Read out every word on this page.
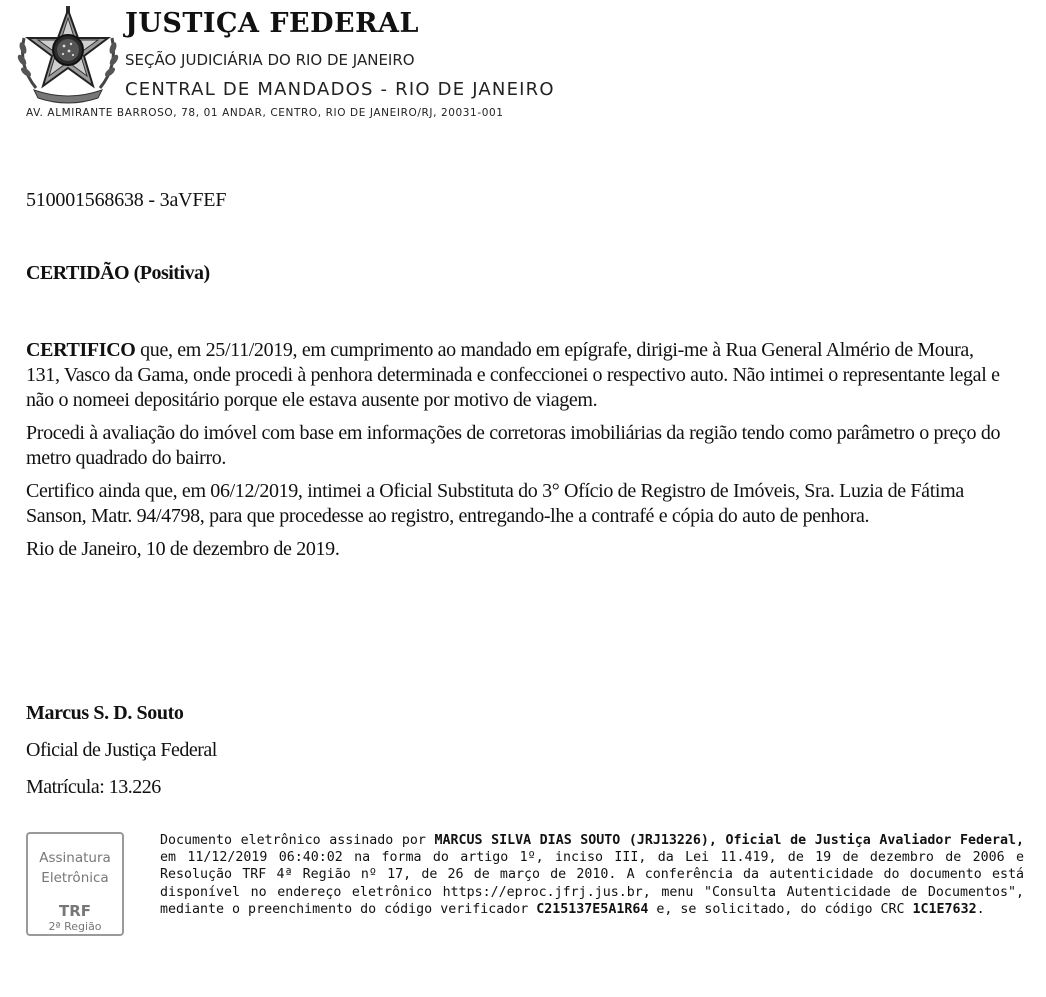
JUSTIÇA FEDERAL
SEÇÃO JUDICIÁRIA DO RIO DE JANEIRO
CENTRAL DE MANDADOS - RIO DE JANEIRO
AV. ALMIRANTE BARROSO, 78, 01 ANDAR, CENTRO, RIO DE JANEIRO/RJ, 20031-001
510001568638 - 3aVFEF
CERTIDÃO (Positiva)

CERTIFICO que, em 25/11/2019, em cumprimento ao mandado em epígrafe, dirigi-me à Rua General Almério de Moura, 131, Vasco da Gama, onde procedi à penhora determinada e confeccionei o respectivo auto. Não intimei o representante legal e não o nomeei depositário porque ele estava ausente por motivo de viagem.

Procedi à avaliação do imóvel com base em informações de corretoras imobiliárias da região tendo como parâmetro o preço do metro quadrado do bairro.

Certifico ainda que, em 06/12/2019, intimei a Oficial Substituta do 3° Ofício de Registro de Imóveis, Sra. Luzia de Fátima Sanson, Matr. 94/4798, para que procedesse ao registro, entregando-lhe a contrafé e cópia do auto de penhora.

Rio de Janeiro, 10 de dezembro de 2019.

Marcus S. D. Souto
Oficial de Justiça Federal
Matrícula: 13.226
Assinatura
Eletrônica
TRF
2ª Região
Documento eletrônico assinado por MARCUS SILVA DIAS SOUTO (JRJ13226), Oficial de Justiça Avaliador Federal, em 11/12/2019 06:40:02 na forma do artigo 1º, inciso III, da Lei 11.419, de 19 de dezembro de 2006 e Resolução TRF 4ª Região nº 17, de 26 de março de 2010. A conferência da autenticidade do documento está disponível no endereço eletrônico https://eproc.jfrj.jus.br, menu "Consulta Autenticidade de Documentos", mediante o preenchimento do código verificador C215137E5A1R64 e, se solicitado, do código CRC 1C1E7632.
